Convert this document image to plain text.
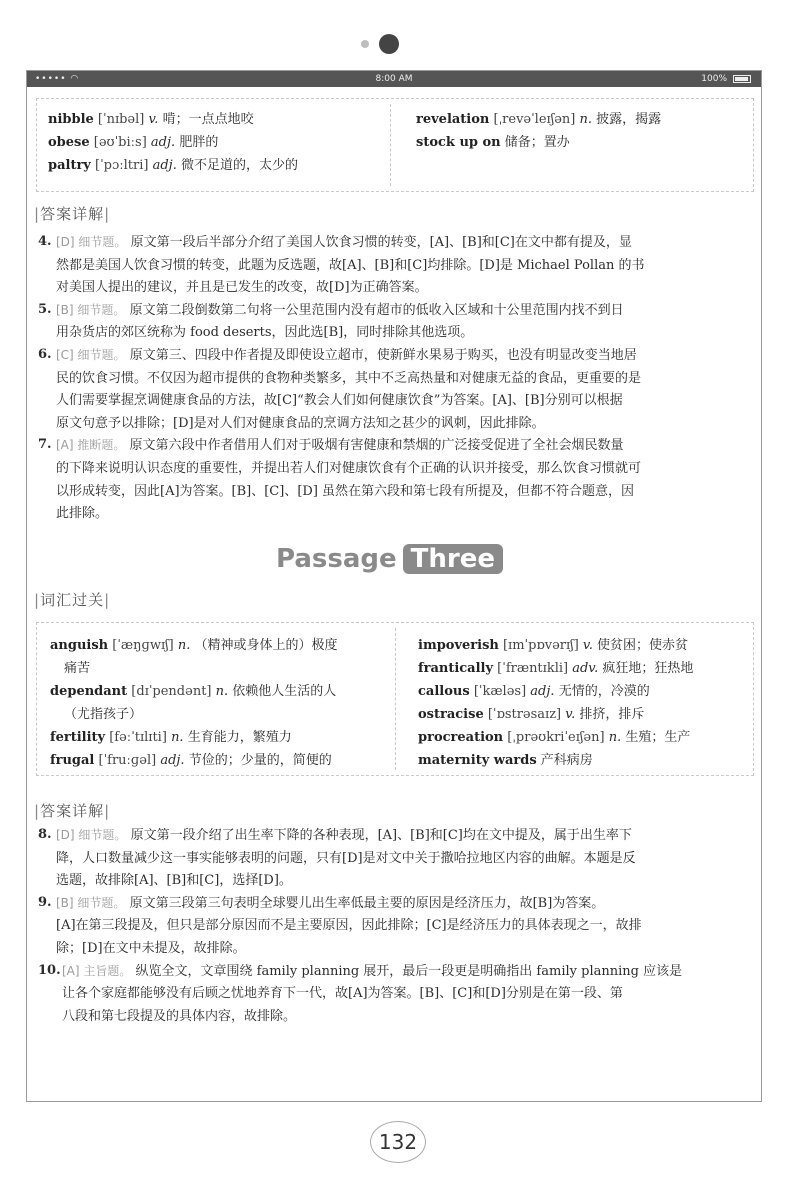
••••• ◠	8:00 AM	100%
nibble [ˈnɪbəl] v. 啃；一点点地咬
obese [əʊˈbiːs] adj. 肥胖的
paltry [ˈpɔːltri] adj. 微不足道的，太少的
revelation [ˌrevəˈleɪʃən] n. 披露，揭露
stock up on 储备；置办
|答案详解|
4. [D] 细节题。 原文第一段后半部分介绍了美国人饮食习惯的转变，[A]、[B]和[C]在文中都有提及，显
然都是美国人饮食习惯的转变，此题为反选题，故[A]、[B]和[C]均排除。[D]是 Michael Pollan 的书
对美国人提出的建议，并且是已发生的改变，故[D]为正确答案。
5. [B] 细节题。 原文第二段倒数第二句将一公里范围内没有超市的低收入区域和十公里范围内找不到日
用杂货店的郊区统称为 food deserts，因此选[B]，同时排除其他选项。
6. [C] 细节题。 原文第三、四段中作者提及即使设立超市，使新鲜水果易于购买，也没有明显改变当地居
民的饮食习惯。不仅因为超市提供的食物种类繁多，其中不乏高热量和对健康无益的食品，更重要的是
人们需要掌握烹调健康食品的方法，故[C]“教会人们如何健康饮食”为答案。[A]、[B]分别可以根据
原文句意予以排除；[D]是对人们对健康食品的烹调方法知之甚少的讽刺，因此排除。
7. [A] 推断题。 原文第六段中作者借用人们对于吸烟有害健康和禁烟的广泛接受促进了全社会烟民数量
的下降来说明认识态度的重要性，并提出若人们对健康饮食有个正确的认识并接受，那么饮食习惯就可
以形成转变，因此[A]为答案。[B]、[C]、[D] 虽然在第六段和第七段有所提及，但都不符合题意，因
此排除。
Passage Three
|词汇过关|
anguish [ˈæŋɡwɪʃ] n. （精神或身体上的）极度
痛苦
dependant [dɪˈpendənt] n. 依赖他人生活的人
（尤指孩子）
fertility [fəːˈtɪlɪti] n. 生育能力，繁殖力
frugal [ˈfruːɡəl] adj. 节俭的；少量的，简便的
impoverish [ɪmˈpɒvərɪʃ] v. 使贫困；使赤贫
frantically [ˈfræntɪkli] adv. 疯狂地；狂热地
callous [ˈkæləs] adj. 无情的，冷漠的
ostracise [ˈɒstrəsaɪz] v. 排挤，排斥
procreation [ˌprəʊkriˈeɪʃən] n. 生殖；生产
maternity wards 产科病房
|答案详解|
8. [D] 细节题。 原文第一段介绍了出生率下降的各种表现，[A]、[B]和[C]均在文中提及，属于出生率下
降，人口数量减少这一事实能够表明的问题，只有[D]是对文中关于撒哈拉地区内容的曲解。本题是反
选题，故排除[A]、[B]和[C]，选择[D]。
9. [B] 细节题。 原文第三段第三句表明全球婴儿出生率低最主要的原因是经济压力，故[B]为答案。
[A]在第三段提及，但只是部分原因而不是主要原因，因此排除；[C]是经济压力的具体表现之一，故排
除；[D]在文中未提及，故排除。
10. [A] 主旨题。 纵览全文，文章围绕 family planning 展开，最后一段更是明确指出 family planning 应该是
让各个家庭都能够没有后顾之忧地养育下一代，故[A]为答案。[B]、[C]和[D]分别是在第一段、第
八段和第七段提及的具体内容，故排除。
132
